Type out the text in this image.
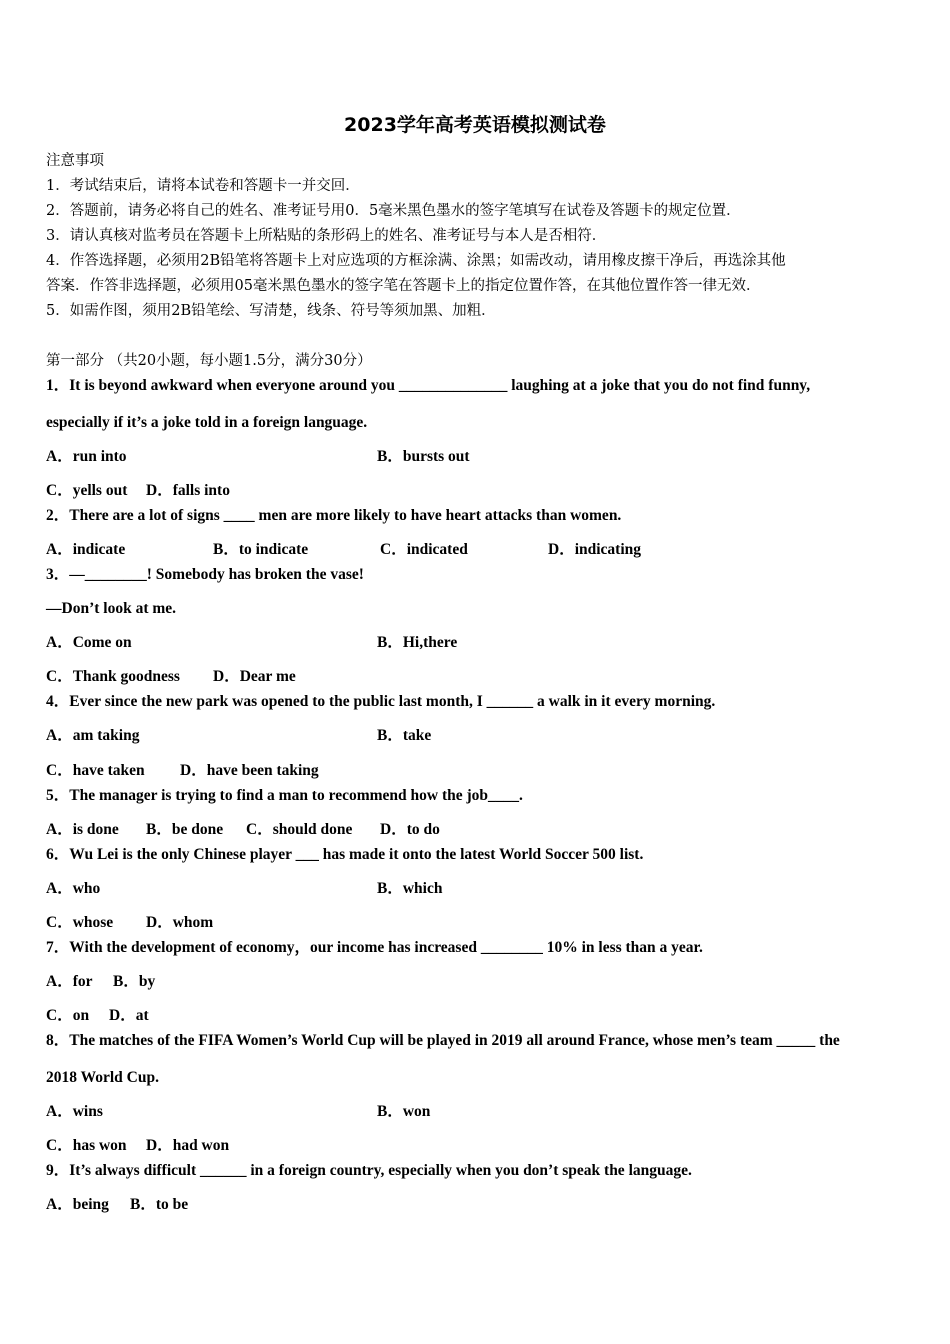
2023学年高考英语模拟测试卷
注意事项
1．考试结束后，请将本试卷和答题卡一并交回．
2．答题前，请务必将自己的姓名、准考证号用0．5毫米黑色墨水的签字笔填写在试卷及答题卡的规定位置．
3．请认真核对监考员在答题卡上所粘贴的条形码上的姓名、准考证号与本人是否相符．
4．作答选择题，必须用2B铅笔将答题卡上对应选项的方框涂满、涂黑；如需改动，请用橡皮擦干净后，再选涂其他
答案．作答非选择题，必须用05毫米黑色墨水的签字笔在答题卡上的指定位置作答，在其他位置作答一律无效．
5．如需作图，须用2B铅笔绘、写清楚，线条、符号等须加黑、加粗．
第一部分 （共20小题，每小题1.5分，满分30分）
1．It is beyond awkward when everyone around you ______________ laughing at a joke that you do not find funny,
especially if it’s a joke told in a foreign language.
A．run into	B．bursts out
C．yells out D．falls into
2．There are a lot of signs ____ men are more likely to have heart attacks than women.
A．indicate	B．to indicate	C．indicated	D．indicating
3．—________! Somebody has broken the vase!
—Don’t look at me.
A．Come on	B．Hi,there
C．Thank goodness D．Dear me
4．Ever since the new park was opened to the public last month, I ______ a walk in it every morning.
A．am taking	B．take
C．have taken D．have been taking
5．The manager is trying to find a man to recommend how the job____.
A．is done B．be done C．should done D．to do
6．Wu Lei is the only Chinese player ___ has made it onto the latest World Soccer 500 list.
A．who	B．which
C．whose D．whom
7．With the development of economy，our income has increased ________ 10% in less than a year.
A．for B．by
C．on D．at
8．The matches of the FIFA Women’s World Cup will be played in 2019 all around France, whose men’s team _____ the
2018 World Cup.
A．wins	B．won
C．has won D．had won
9．It’s always difficult ______ in a foreign country, especially when you don’t speak the language.
A．being B．to be
